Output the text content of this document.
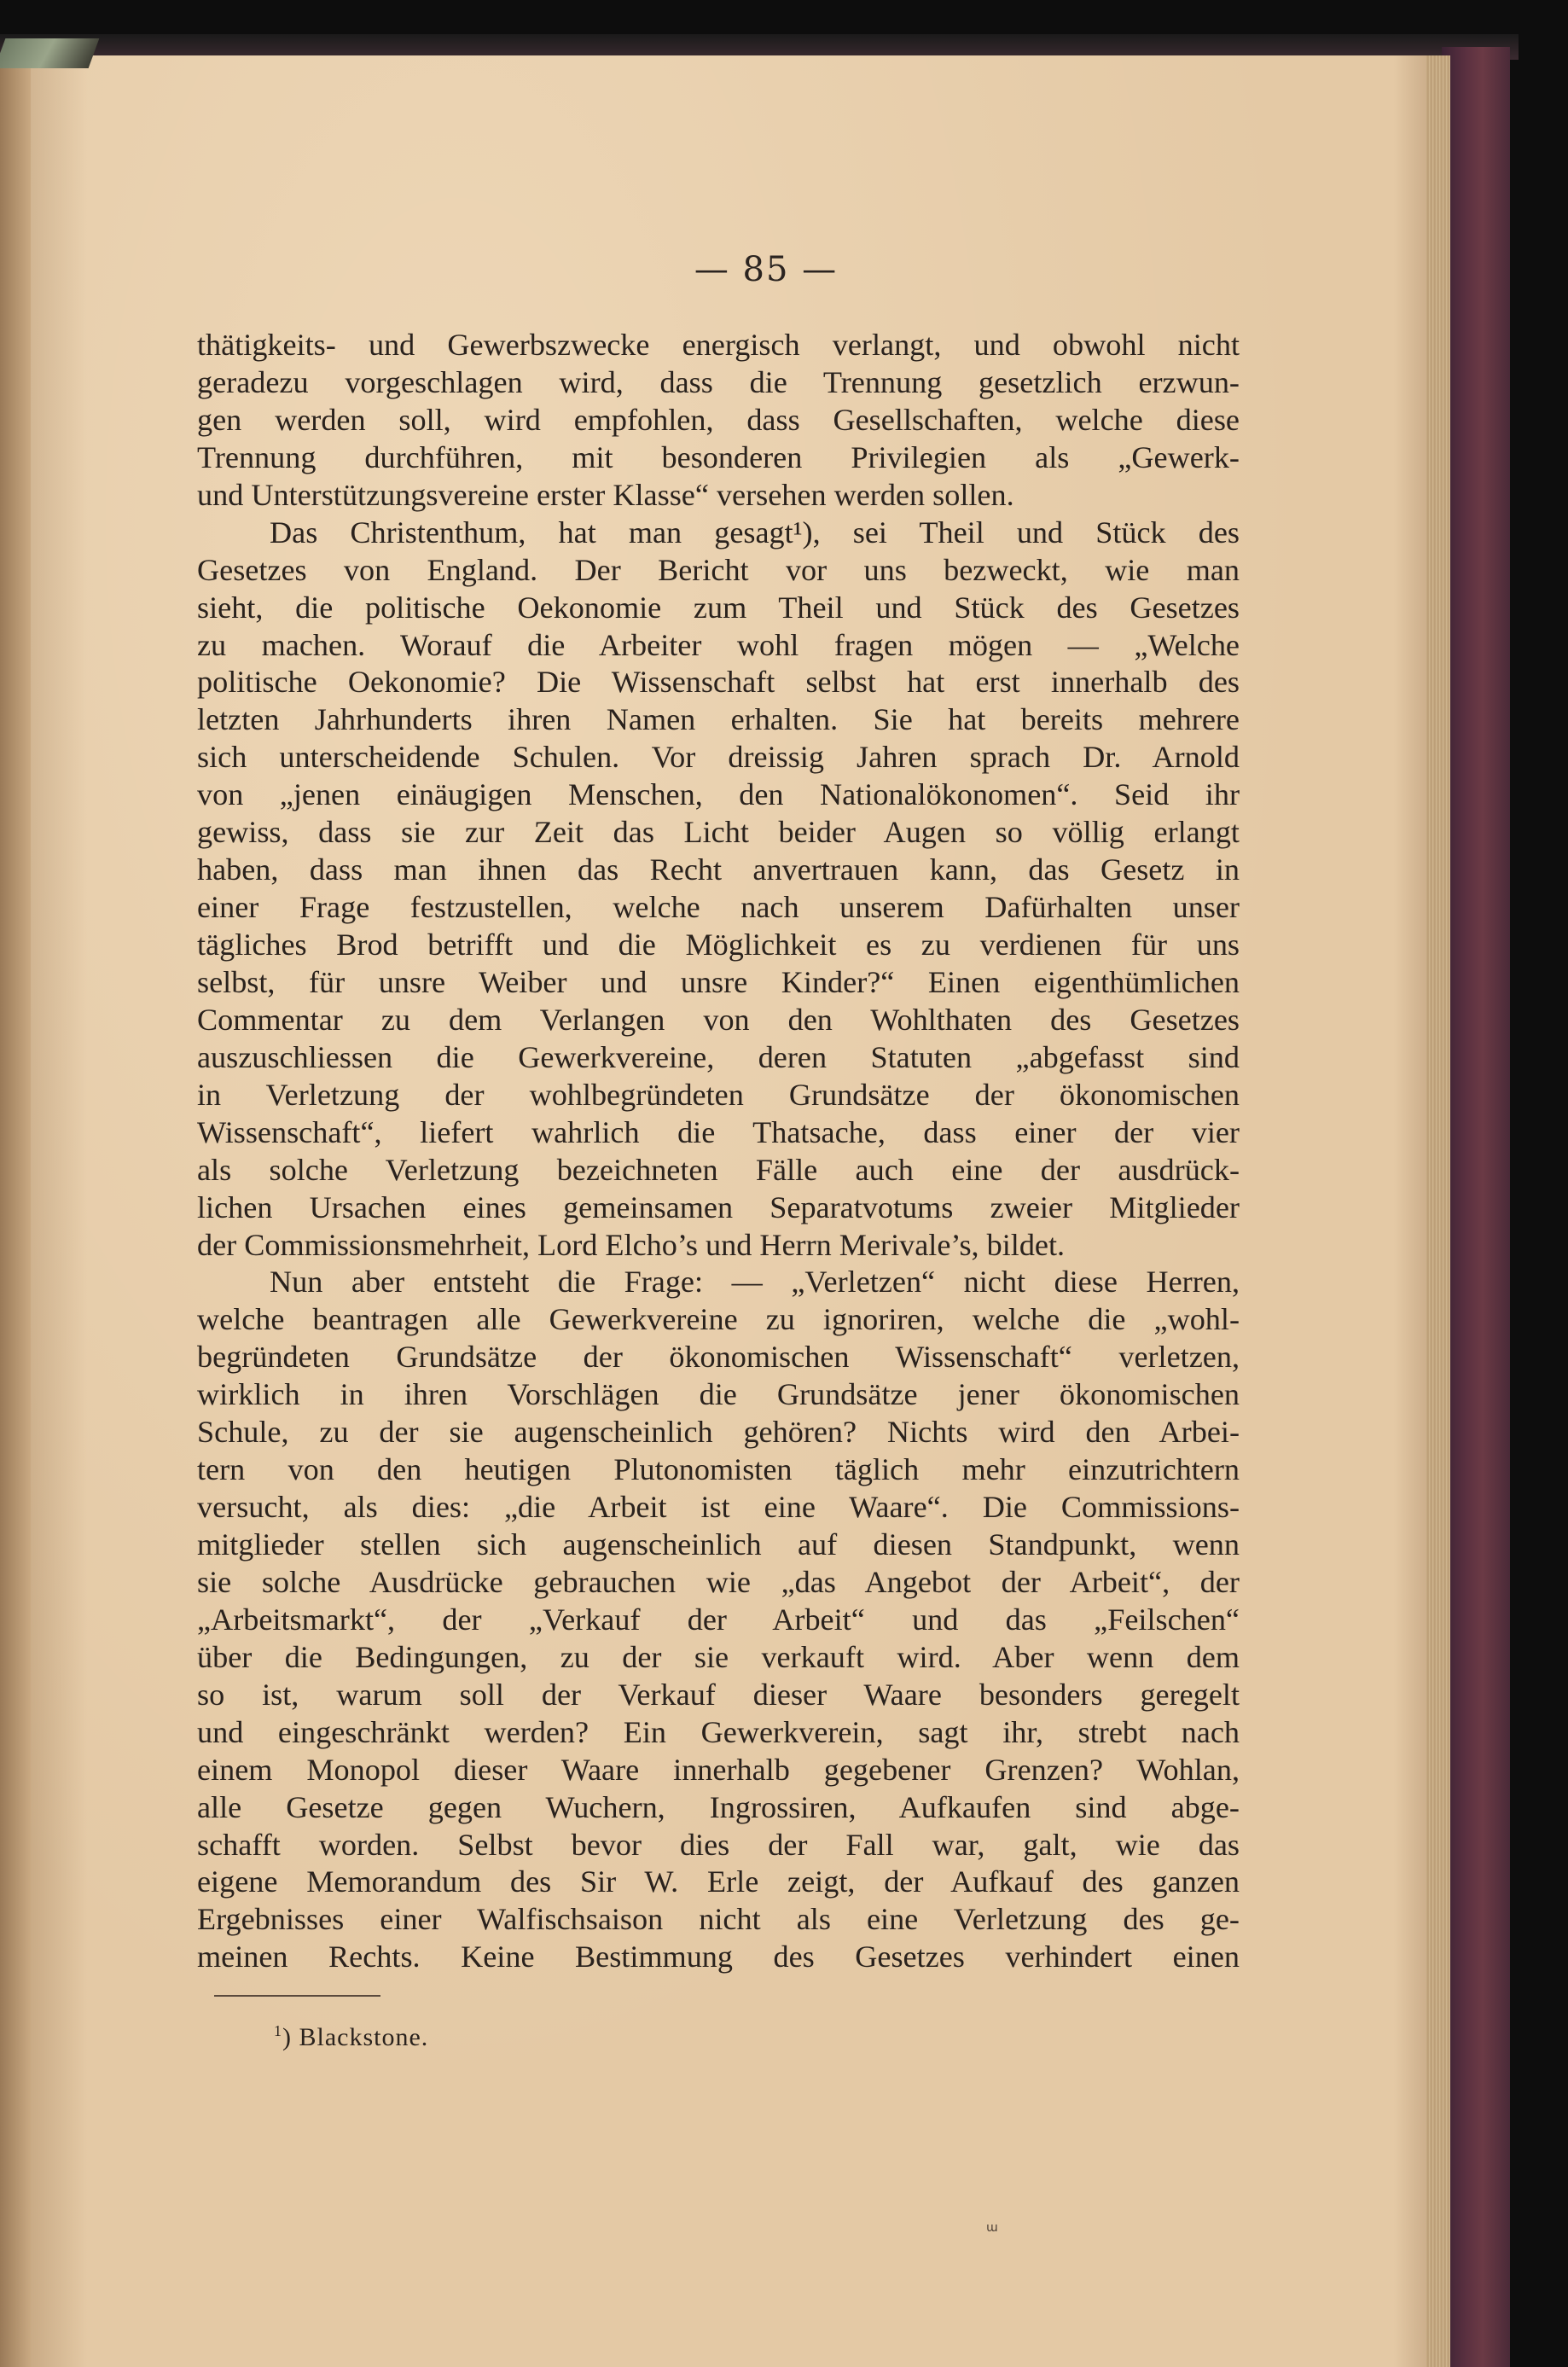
— 85 —
thätigkeits- und Gewerbszwecke energisch verlangt, und obwohl nicht
geradezu vorgeschlagen wird, dass die Trennung gesetzlich erzwun-
gen werden soll, wird empfohlen, dass Gesellschaften, welche diese
Trennung durchführen, mit besonderen Privilegien als „Gewerk-
und Unterstützungsvereine erster Klasse“ versehen werden sollen.
Das Christenthum, hat man gesagt¹), sei Theil und Stück des
Gesetzes von England. Der Bericht vor uns bezweckt, wie man
sieht, die politische Oekonomie zum Theil und Stück des Gesetzes
zu machen. Worauf die Arbeiter wohl fragen mögen — „Welche
politische Oekonomie? Die Wissenschaft selbst hat erst innerhalb des
letzten Jahrhunderts ihren Namen erhalten. Sie hat bereits mehrere
sich unterscheidende Schulen. Vor dreissig Jahren sprach Dr. Arnold
von „jenen einäugigen Menschen, den Nationalökonomen“. Seid ihr
gewiss, dass sie zur Zeit das Licht beider Augen so völlig erlangt
haben, dass man ihnen das Recht anvertrauen kann, das Gesetz in
einer Frage festzustellen, welche nach unserem Dafürhalten unser
tägliches Brod betrifft und die Möglichkeit es zu verdienen für uns
selbst, für unsre Weiber und unsre Kinder?“ Einen eigenthümlichen
Commentar zu dem Verlangen von den Wohlthaten des Gesetzes
auszuschliessen die Gewerkvereine, deren Statuten „abgefasst sind
in Verletzung der wohlbegründeten Grundsätze der ökonomischen
Wissenschaft“, liefert wahrlich die Thatsache, dass einer der vier
als solche Verletzung bezeichneten Fälle auch eine der ausdrück-
lichen Ursachen eines gemeinsamen Separatvotums zweier Mitglieder
der Commissionsmehrheit, Lord Elcho’s und Herrn Merivale’s, bildet.
Nun aber entsteht die Frage: — „Verletzen“ nicht diese Herren,
welche beantragen alle Gewerkvereine zu ignoriren, welche die „wohl-
begründeten Grundsätze der ökonomischen Wissenschaft“ verletzen,
wirklich in ihren Vorschlägen die Grundsätze jener ökonomischen
Schule, zu der sie augenscheinlich gehören? Nichts wird den Arbei-
tern von den heutigen Plutonomisten täglich mehr einzutrichtern
versucht, als dies: „die Arbeit ist eine Waare“. Die Commissions-
mitglieder stellen sich augenscheinlich auf diesen Standpunkt, wenn
sie solche Ausdrücke gebrauchen wie „das Angebot der Arbeit“, der
„Arbeitsmarkt“, der „Verkauf der Arbeit“ und das „Feilschen“
über die Bedingungen, zu der sie verkauft wird. Aber wenn dem
so ist, warum soll der Verkauf dieser Waare besonders geregelt
und eingeschränkt werden? Ein Gewerkverein, sagt ihr, strebt nach
einem Monopol dieser Waare innerhalb gegebener Grenzen? Wohlan,
alle Gesetze gegen Wuchern, Ingrossiren, Aufkaufen sind abge-
schafft worden. Selbst bevor dies der Fall war, galt, wie das
eigene Memorandum des Sir W. Erle zeigt, der Aufkauf des ganzen
Ergebnisses einer Walfischsaison nicht als eine Verletzung des ge-
meinen Rechts. Keine Bestimmung des Gesetzes verhindert einen
$^1$) Blackstone.
ɯ
